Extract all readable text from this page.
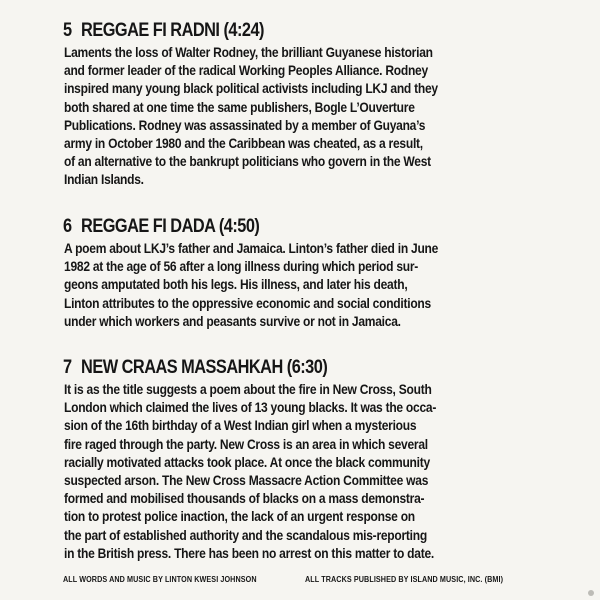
5 REGGAE FI RADNI (4:24)
Laments the loss of Walter Rodney, the brilliant Guyanese historian
and former leader of the radical Working Peoples Alliance. Rodney
inspired many young black political activists including LKJ and they
both shared at one time the same publishers, Bogle L’Ouverture
Publications. Rodney was assassinated by a member of Guyana’s
army in October 1980 and the Caribbean was cheated, as a result,
of an alternative to the bankrupt politicians who govern in the West
Indian Islands.
6 REGGAE FI DADA (4:50)
A poem about LKJ’s father and Jamaica. Linton’s father died in June
1982 at the age of 56 after a long illness during which period sur-
geons amputated both his legs. His illness, and later his death,
Linton attributes to the oppressive economic and social conditions
under which workers and peasants survive or not in Jamaica.
7 NEW CRAAS MASSAHKAH (6:30)
It is as the title suggests a poem about the fire in New Cross, South
London which claimed the lives of 13 young blacks. It was the occa-
sion of the 16th birthday of a West Indian girl when a mysterious
fire raged through the party. New Cross is an area in which several
racially motivated attacks took place. At once the black community
suspected arson. The New Cross Massacre Action Committee was
formed and mobilised thousands of blacks on a mass demonstra-
tion to protest police inaction, the lack of an urgent response on
the part of established authority and the scandalous mis-reporting
in the British press. There has been no arrest on this matter to date.
ALL WORDS AND MUSIC BY LINTON KWESI JOHNSON	ALL TRACKS PUBLISHED BY ISLAND MUSIC, INC. (BMI)
